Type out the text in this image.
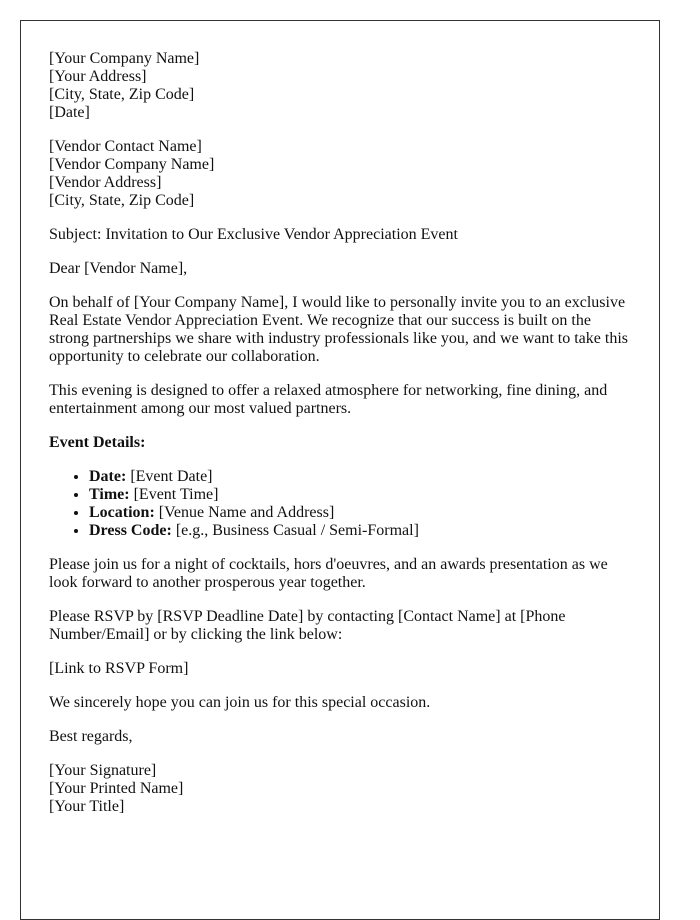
[Your Company Name]

[Your Address]

[City, State, Zip Code]

[Date]

[Vendor Contact Name]

[Vendor Company Name]

[Vendor Address]

[City, State, Zip Code]

Subject: Invitation to Our Exclusive Vendor Appreciation Event

Dear [Vendor Name],

On behalf of [Your Company Name], I would like to personally invite you to an exclusive Real Estate Vendor Appreciation Event. We recognize that our success is built on the strong partnerships we share with industry professionals like you, and we want to take this opportunity to celebrate our collaboration.

This evening is designed to offer a relaxed atmosphere for networking, fine dining, and entertainment among our most valued partners.

Event Details:

• Date: [Event Date]
• Time: [Event Time]
• Location: [Venue Name and Address]
• Dress Code: [e.g., Business Casual / Semi-Formal]

Please join us for a night of cocktails, hors d'oeuvres, and an awards presentation as we look forward to another prosperous year together.

Please RSVP by [RSVP Deadline Date] by contacting [Contact Name] at [Phone Number/Email] or by clicking the link below:

[Link to RSVP Form]

We sincerely hope you can join us for this special occasion.

Best regards,

[Your Signature]

[Your Printed Name]

[Your Title]
